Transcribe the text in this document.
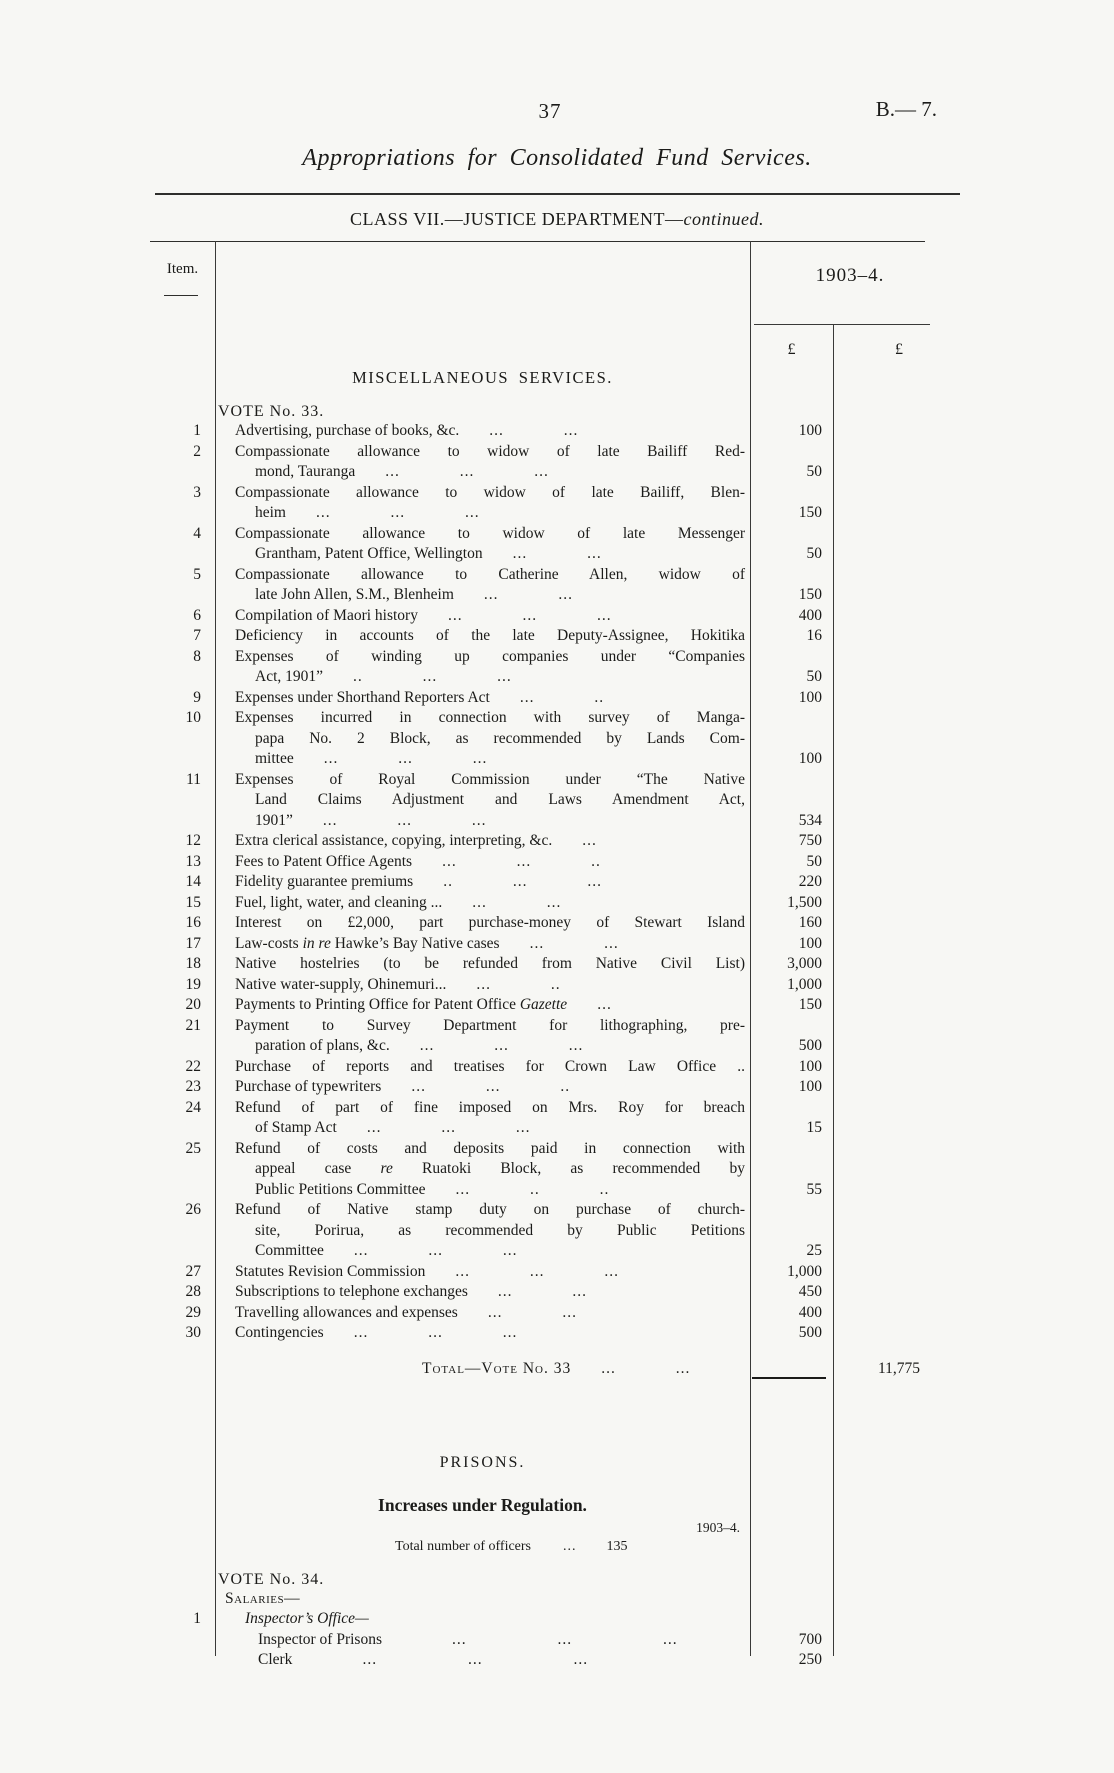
37	B.— 7.
Appropriations for Consolidated Fund Services.
CLASS VII.—JUSTICE DEPARTMENT—continued.
Item.	1903–4.
£	£
MISCELLANEOUS SERVICES.
VOTE No. 33.
1	Advertising, purchase of books, &c. ... ...	100
2	Compassionate allowance to widow of late Bailiff Red-
mond, Tauranga ... ... ...	50
3	Compassionate allowance to widow of late Bailiff, Blen-
heim ... ... ...	150
4	Compassionate allowance to widow of late Messenger
Grantham, Patent Office, Wellington ... ...	50
5	Compassionate allowance to Catherine Allen, widow of
late John Allen, S.M., Blenheim ... ...	150
6	Compilation of Maori history ... ... ...	400
7	Deficiency in accounts of the late Deputy-Assignee, Hokitika	16
8	Expenses of winding up companies under “Companies
Act, 1901” .. ... ...	50
9	Expenses under Shorthand Reporters Act ... ..	100
10	Expenses incurred in connection with survey of Manga-
papa No. 2 Block, as recommended by Lands Com-
mittee ... ... ...	100
11	Expenses of Royal Commission under “The Native
Land Claims Adjustment and Laws Amendment Act,
1901” ... ... ...	534
12	Extra clerical assistance, copying, interpreting, &c. ...	750
13	Fees to Patent Office Agents ... ... ..	50
14	Fidelity guarantee premiums .. ... ...	220
15	Fuel, light, water, and cleaning ... ... ...	1,500
16	Interest on £2,000, part purchase-money of Stewart Island	160
17	Law-costs in re Hawke’s Bay Native cases ... ...	100
18	Native hostelries (to be refunded from Native Civil List)	3,000
19	Native water-supply, Ohinemuri... ... ..	1,000
20	Payments to Printing Office for Patent Office Gazette ...	150
21	Payment to Survey Department for lithographing, pre-
paration of plans, &c. ... ... ...	500
22	Purchase of reports and treatises for Crown Law Office ..	100
23	Purchase of typewriters ... ... ..	100
24	Refund of part of fine imposed on Mrs. Roy for breach
of Stamp Act ... ... ...	15
25	Refund of costs and deposits paid in connection with
appeal case re Ruatoki Block, as recommended by
Public Petitions Committee ... .. ..	55
26	Refund of Native stamp duty on purchase of church-
site, Porirua, as recommended by Public Petitions
Committee ... ... ...	25
27	Statutes Revision Commission ... ... ...	1,000
28	Subscriptions to telephone exchanges ... ...	450
29	Travelling allowances and expenses ... ...	400
30	Contingencies ... ... ...	500
Total—Vote No. 33 ... ...	11,775
PRISONS.
Increases under Regulation.
1903–4.
Total number of officers ... 135
VOTE No. 34.
Salaries—
1	Inspector’s Office—
Inspector of Prisons	... ... ...	700
Clerk	... ... ...	250
